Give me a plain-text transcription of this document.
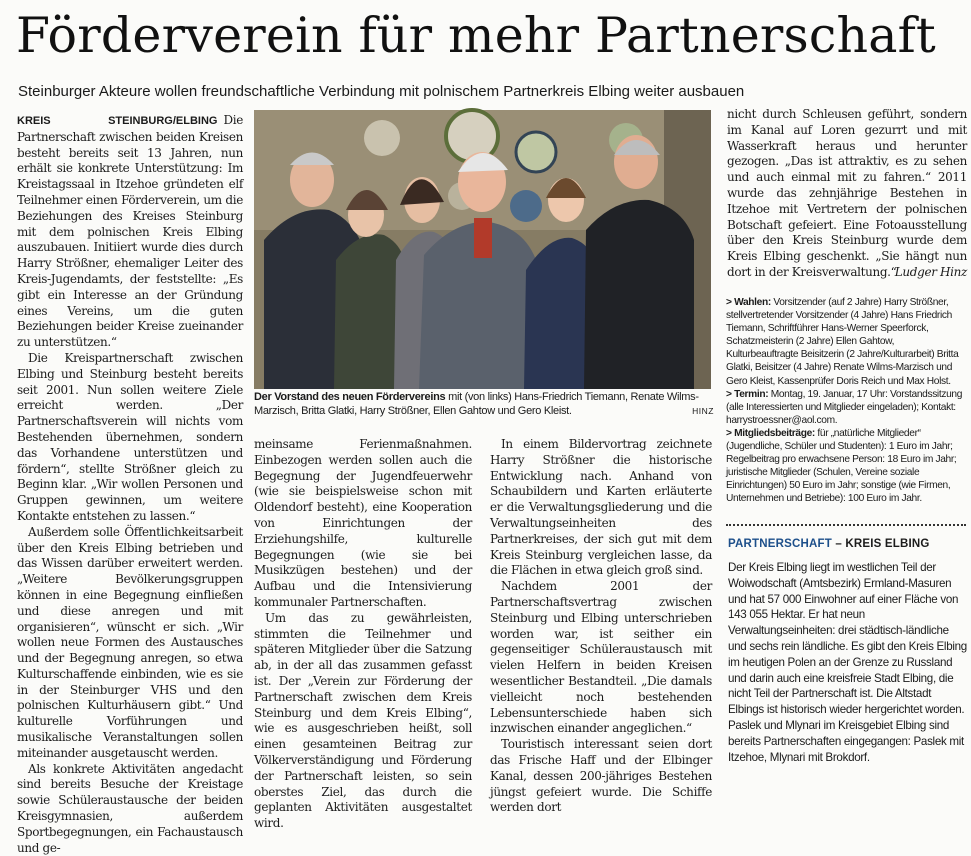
Förderverein für mehr Partnerschaft
Steinburger Akteure wollen freundschaftliche Verbindung mit polnischem Partnerkreis Elbing weiter ausbauen

KREIS STEINBURG/ELBING Die Partnerschaft zwischen beiden Kreisen besteht bereits seit 13 Jahren, nun erhält sie konkrete Unterstützung: Im Kreistagssaal in Itzehoe gründeten elf Teilnehmer einen Förderverein, um die Beziehungen des Kreises Steinburg mit dem polnischen Kreis Elbing auszubauen. Initiiert wurde dies durch Harry Strößner, ehemaliger Leiter des Kreis-Jugendamts, der feststellte: „Es gibt ein Interesse an der Gründung eines Vereins, um die guten Beziehungen beider Kreise zueinander zu unterstützen.“

Die Kreispartnerschaft zwischen Elbing und Steinburg besteht bereits seit 2001. Nun sollen weitere Ziele erreicht werden. „Der Partnerschaftsverein will nichts vom Bestehenden übernehmen, sondern das Vorhandene unterstützen und fördern“, stellte Strößner gleich zu Beginn klar. „Wir wollen Personen und Gruppen gewinnen, um weitere Kontakte entstehen zu lassen.“

Außerdem solle Öffentlichkeitsarbeit über den Kreis Elbing betrieben und das Wissen darüber erweitert werden. „Weitere Bevölkerungsgruppen können in eine Begegnung einfließen und diese anregen und mit organisieren“, wünscht er sich. „Wir wollen neue Formen des Austausches und der Begegnung anregen, so etwa Kulturschaffende einbinden, wie es sie in der Steinburger VHS und den polnischen Kulturhäusern gibt.“ Und kulturelle Vorführungen und musikalische Veranstaltungen sollen miteinander ausgetauscht werden.

Als konkrete Aktivitäten angedacht sind bereits Besuche der Kreistage sowie Schüleraustausche der beiden Kreisgymnasien, außerdem Sportbegegnungen, ein Fachaustausch und ge-

Der Vorstand des neuen Fördervereins mit (von links) Hans-Friedrich Tiemann, Renate Wilms-Marzisch, Britta Glatki, Harry Strößner, Ellen Gahtow und Gero Kleist.	HINZ

meinsame Ferienmaßnahmen. Einbezogen werden sollen auch die Begegnung der Jugendfeuerwehr (wie sie beispielsweise schon mit Oldendorf besteht), eine Kooperation von Einrichtungen der Erziehungshilfe, kulturelle Begegnungen (wie sie bei Musikzügen bestehen) und der Aufbau und die Intensivierung kommunaler Partnerschaften.

Um das zu gewährleisten, stimmten die Teilnehmer und späteren Mitglieder über die Satzung ab, in der all das zusammen gefasst ist. Der „Verein zur Förderung der Partnerschaft zwischen dem Kreis Steinburg und dem Kreis Elbing“, wie es ausgeschrieben heißt, soll einen gesamteinen Beitrag zur Völkerverständigung und Förderung der Partnerschaft leisten, so sein oberstes Ziel, das durch die geplanten Aktivitäten ausgestaltet wird.

In einem Bildervortrag zeichnete Harry Strößner die historische Entwicklung nach. Anhand von Schaubildern und Karten erläuterte er die Verwaltungsgliederung und die Verwaltungseinheiten des Partnerkreises, der sich gut mit dem Kreis Steinburg vergleichen lasse, da die Flächen in etwa gleich groß sind.

Nachdem 2001 der Partnerschaftsvertrag zwischen Steinburg und Elbing unterschrieben worden war, ist seither ein gegenseitiger Schüleraustausch mit vielen Helfern in beiden Kreisen wesentlicher Bestandteil. „Die damals vielleicht noch bestehenden Lebensunterschiede haben sich inzwischen einander angeglichen.“

Touristisch interessant seien dort das Frische Haff und der Elbinger Kanal, dessen 200-jähriges Bestehen jüngst gefeiert wurde. Die Schiffe werden dort

nicht durch Schleusen geführt, sondern im Kanal auf Loren gezurrt und mit Wasserkraft heraus und herunter gezogen. „Das ist attraktiv, es zu sehen und auch einmal mit zu fahren.“ 2011 wurde das zehnjährige Bestehen in Itzehoe mit Vertretern der polnischen Botschaft gefeiert. Eine Fotoausstellung über den Kreis Steinburg wurde dem Kreis Elbing geschenkt. „Sie hängt nun dort in der Kreisverwaltung.“

Ludger Hinz
> Wahlen: Vorsitzender (auf 2 Jahre) Harry Strößner, stellvertretender Vorsitzender (4 Jahre) Hans Friedrich Tiemann, Schriftführer Hans-Werner Speerforck, Schatzmeisterin (2 Jahre) Ellen Gahtow, Kulturbeauftragte Beisitzerin (2 Jahre/Kulturarbeit) Britta Glatki, Beisitzer (4 Jahre) Renate Wilms-Marzisch und Gero Kleist, Kassenprüfer Doris Reich und Max Holst.
> Termin: Montag, 19. Januar, 17 Uhr: Vorstandssitzung (alle Interessierten und Mitglieder eingeladen); Kontakt: harrystroessner@aol.com.
> Mitgliedsbeiträge: für „natürliche Mitglieder“ (Jugendliche, Schüler und Studenten): 1 Euro im Jahr; Regelbeitrag pro erwachsene Person: 18 Euro im Jahr; juristische Mitglieder (Schulen, Vereine soziale Einrichtungen) 50 Euro im Jahr; sonstige (wie Firmen, Unternehmen und Betriebe): 100 Euro im Jahr.
PARTNERSCHAFT – KREIS ELBING
Der Kreis Elbing liegt im westlichen Teil der Woiwodschaft (Amtsbezirk) Ermland-Masuren und hat 57 000 Einwohner auf einer Fläche von 143 055 Hektar. Er hat neun Verwaltungseinheiten: drei städtisch-ländliche und sechs rein ländliche. Es gibt den Kreis Elbing im heutigen Polen an der Grenze zu Russland und darin auch eine kreisfreie Stadt Elbing, die nicht Teil der Partnerschaft ist. Die Altstadt Elbings ist historisch wieder hergerichtet worden. Paslek und Mlynari im Kreisgebiet Elbing sind bereits Partnerschaften eingegangen: Paslek mit Itzehoe, Mlynari mit Brokdorf.
